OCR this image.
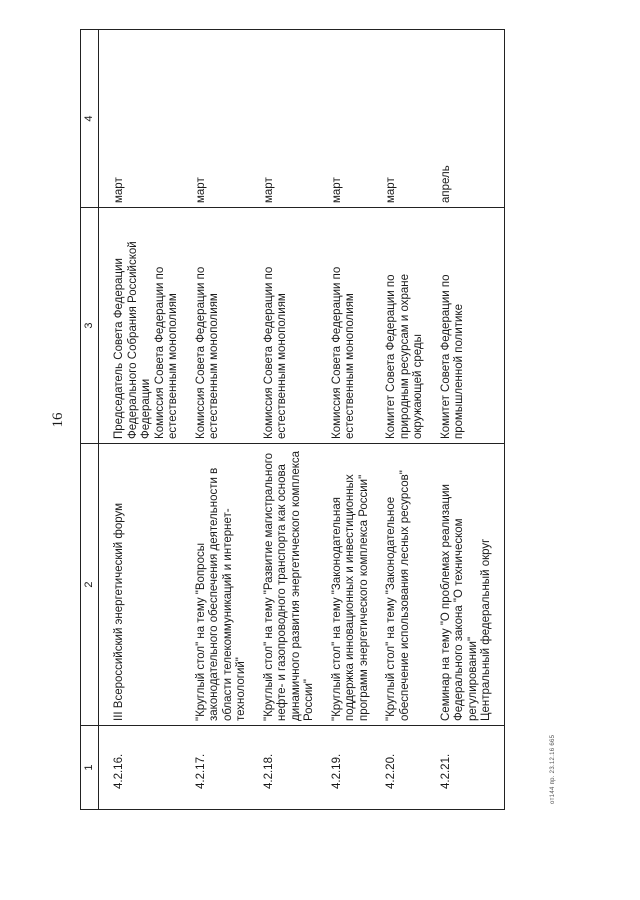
16
1	2	3	4
4.2.16.	III Всероссийский энергетический форум	Председатель Совета Федерации Федерального Собрания Российской Федерации
Комиссия Совета Федерации по естественным монополиям	март
4.2.17.	"Круглый стол" на тему "Вопросы законодательного обеспечения деятельности в области телекоммуникаций и интернет-технологий"	Комиссия Совета Федерации по естественным монополиям	март
4.2.18.	"Круглый стол" на тему "Развитие магистрального нефте- и газопроводного транспорта как основа динамичного развития энергетического комплекса России"	Комиссия Совета Федерации по естественным монополиям	март
4.2.19.	"Круглый стол" на тему "Законодательная поддержка инновационных и инвестиционных программ энергетического комплекса России"	Комиссия Совета Федерации по естественным монополиям	март
4.2.20.	"Круглый стол" на тему "Законодательное обеспечение использования лесных ресурсов"	Комитет Совета Федерации по природным ресурсам и охране окружающей среды	март
4.2.21.	Семинар на тему "О проблемах реализации Федерального закона "О техническом регулировании"
Центральный федеральный округ	Комитет Совета Федерации по промышленной политике	апрель
oт144 пр. 23.12.16 665
